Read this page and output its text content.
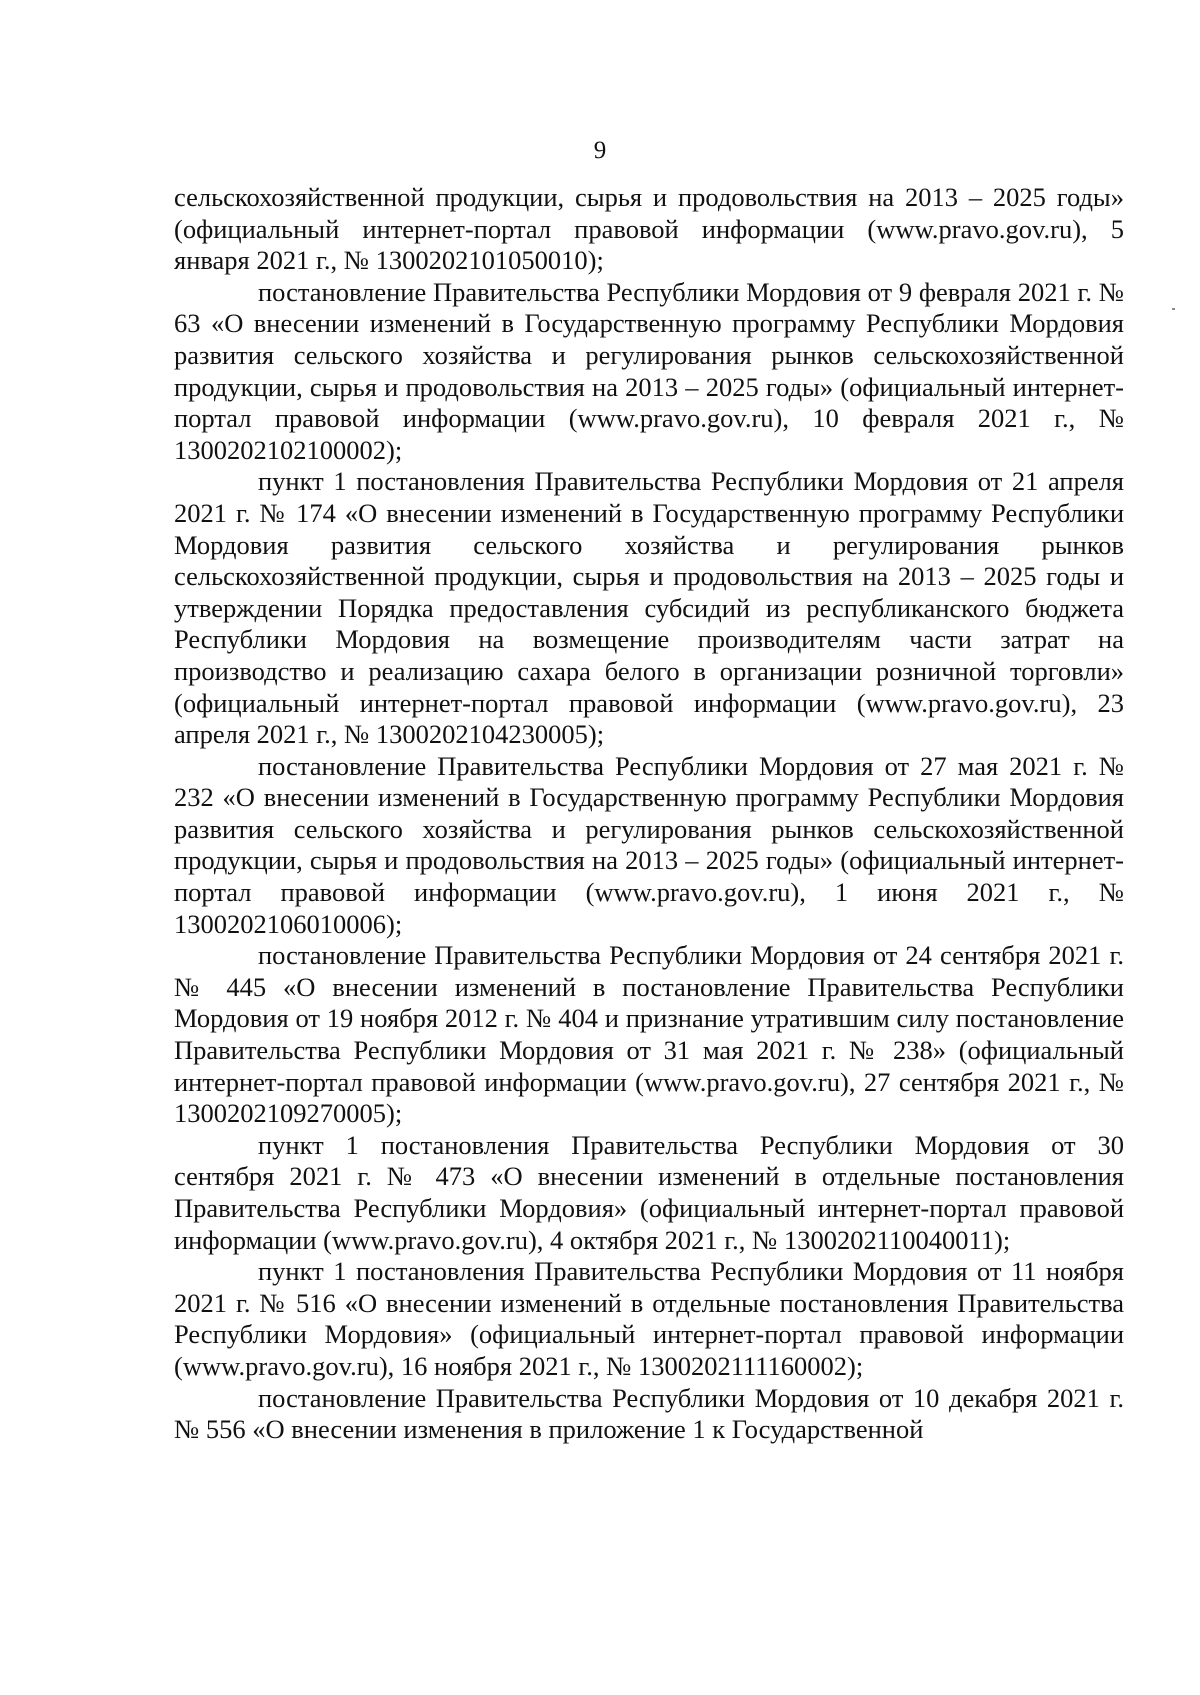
9

сельскохозяйственной продукции, сырья и продовольствия на 2013 – 2025 годы» (официальный интернет-портал правовой информации (www.pravo.gov.ru), 5 января 2021 г., № 1300202101050010);

постановление Правительства Республики Мордовия от 9 февраля 2021 г. № 63 «О внесении изменений в Государственную программу Республики Мордовия развития сельского хозяйства и регулирования рынков сельскохозяйственной продукции, сырья и продовольствия на 2013 – 2025 годы» (официальный интернет-портал правовой информации (www.pravo.gov.ru), 10 февраля 2021 г., № 1300202102100002);

пункт 1 постановления Правительства Республики Мордовия от 21 апреля 2021 г. № 174 «О внесении изменений в Государственную программу Республики Мордовия развития сельского хозяйства и регулирования рынков сельскохозяйственной продукции, сырья и продовольствия на 2013 – 2025 годы и утверждении Порядка предоставления субсидий из республиканского бюджета Республики Мордовия на возмещение производителям части затрат на производство и реализацию сахара белого в организации розничной торговли» (официальный интернет-портал правовой информации (www.pravo.gov.ru), 23 апреля 2021 г., № 1300202104230005);

постановление Правительства Республики Мордовия от 27 мая 2021 г. № 232 «О внесении изменений в Государственную программу Республики Мордовия развития сельского хозяйства и регулирования рынков сельскохозяйственной продукции, сырья и продовольствия на 2013 – 2025 годы» (официальный интернет-портал правовой информации (www.pravo.gov.ru), 1 июня 2021 г., № 1300202106010006);

постановление Правительства Республики Мордовия от 24 сентября 2021 г. № 445 «О внесении изменений в постановление Правительства Республики Мордовия от 19 ноября 2012 г. № 404 и признание утратившим силу постановление Правительства Республики Мордовия от 31 мая 2021 г. № 238» (официальный интернет-портал правовой информации (www.pravo.gov.ru), 27 сентября 2021 г., № 1300202109270005);

пункт 1 постановления Правительства Республики Мордовия от 30 сентября 2021 г. № 473 «О внесении изменений в отдельные постановления Правительства Республики Мордовия» (официальный интернет-портал правовой информации (www.pravo.gov.ru), 4 октября 2021 г., № 1300202110040011);

пункт 1 постановления Правительства Республики Мордовия от 11 ноября 2021 г. № 516 «О внесении изменений в отдельные постановления Правительства Республики Мордовия» (официальный интернет-портал правовой информации (www.pravo.gov.ru), 16 ноября 2021 г., № 1300202111160002);

постановление Правительства Республики Мордовия от 10 декабря 2021 г. № 556 «О внесении изменения в приложение 1 к Государственной
